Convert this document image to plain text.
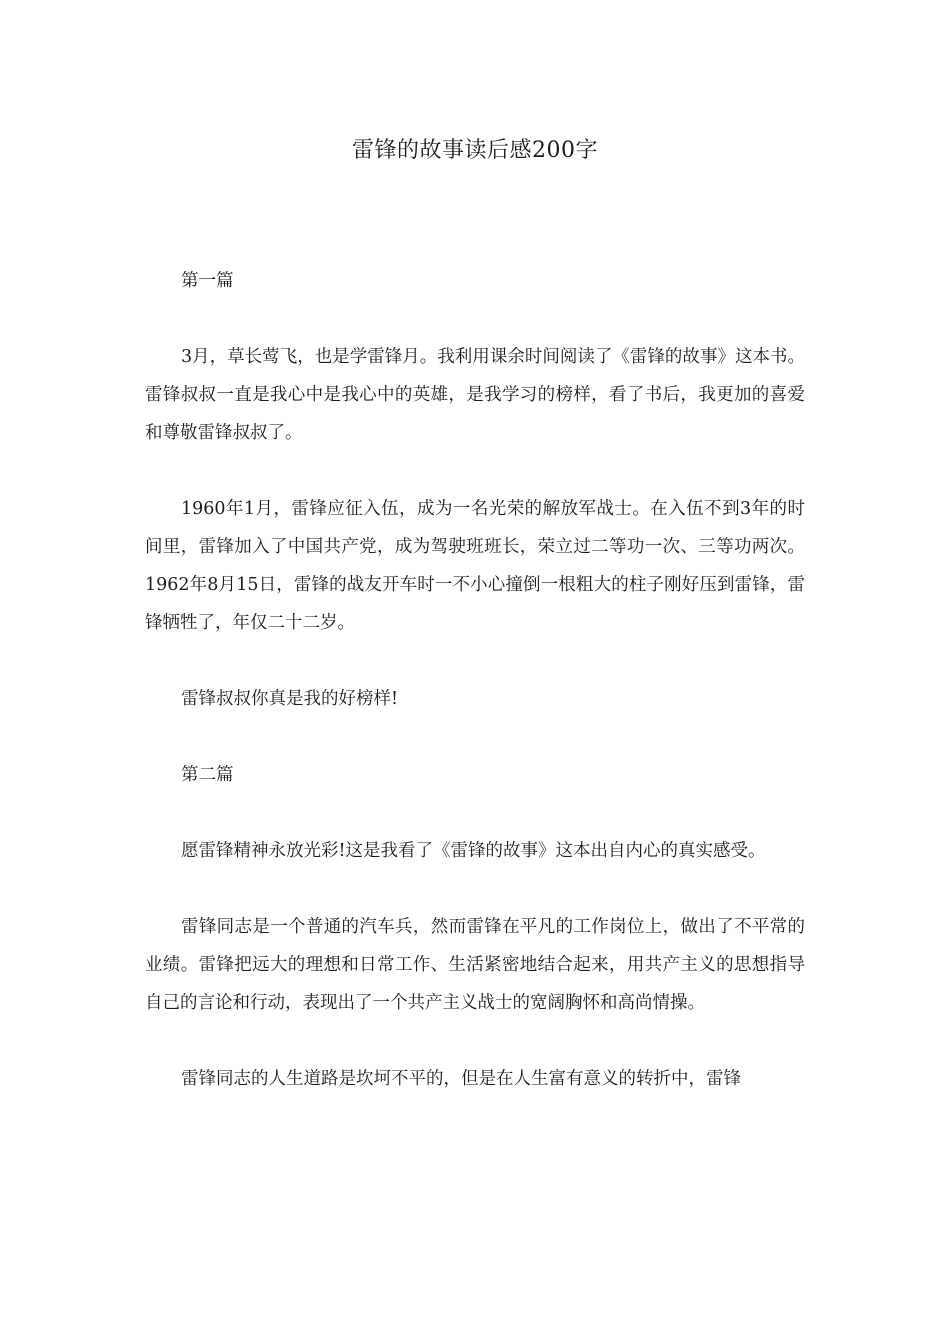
雷锋的故事读后感200字

第一篇

3月，草长莺飞，也是学雷锋月。我利用课余时间阅读了《雷锋的故事》这本书。雷锋叔叔一直是我心中是我心中的英雄，是我学习的榜样，看了书后，我更加的喜爱和尊敬雷锋叔叔了。

1960年1月，雷锋应征入伍，成为一名光荣的解放军战士。在入伍不到3年的时间里，雷锋加入了中国共产党，成为驾驶班班长，荣立过二等功一次、三等功两次。1962年8月15日，雷锋的战友开车时一不小心撞倒一根粗大的柱子刚好压到雷锋，雷锋牺牲了，年仅二十二岁。

雷锋叔叔你真是我的好榜样!

第二篇

愿雷锋精神永放光彩!这是我看了《雷锋的故事》这本出自内心的真实感受。

雷锋同志是一个普通的汽车兵，然而雷锋在平凡的工作岗位上，做出了不平常的业绩。雷锋把远大的理想和日常工作、生活紧密地结合起来，用共产主义的思想指导自己的言论和行动，表现出了一个共产主义战士的宽阔胸怀和高尚情操。

雷锋同志的人生道路是坎坷不平的，但是在人生富有意义的转折中，雷锋
